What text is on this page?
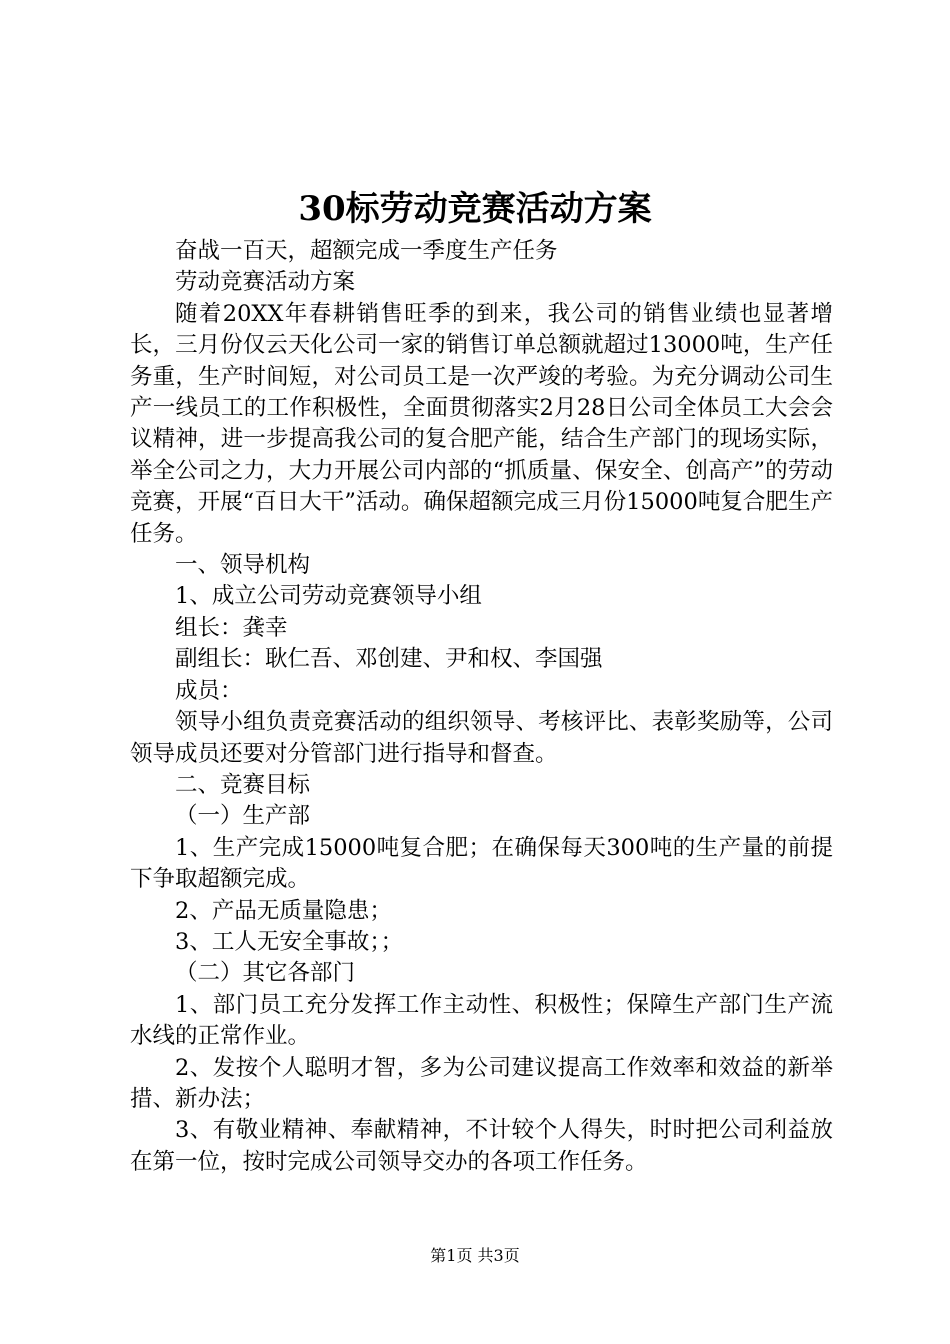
30标劳动竞赛活动方案

奋战一百天，超额完成一季度生产任务

劳动竞赛活动方案

随着20XX年春耕销售旺季的到来，我公司的销售业绩也显著增长，三月份仅云天化公司一家的销售订单总额就超过13000吨，生产任务重，生产时间短，对公司员工是一次严竣的考验。为充分调动公司生产一线员工的工作积极性，全面贯彻落实2月28日公司全体员工大会会议精神，进一步提高我公司的复合肥产能，结合生产部门的现场实际，举全公司之力，大力开展公司内部的“抓质量、保安全、创高产”的劳动竞赛，开展“百日大干”活动。确保超额完成三月份15000吨复合肥生产任务。

一、领导机构

1、成立公司劳动竞赛领导小组

组长：龚幸

副组长：耿仁吾、邓创建、尹和权、李国强

成员：

领导小组负责竞赛活动的组织领导、考核评比、表彰奖励等，公司领导成员还要对分管部门进行指导和督查。

二、竞赛目标

（一）生产部

1、生产完成15000吨复合肥；在确保每天300吨的生产量的前提下争取超额完成。

2、产品无质量隐患；

3、工人无安全事故；；

（二）其它各部门

1、部门员工充分发挥工作主动性、积极性；保障生产部门生产流水线的正常作业。

2、发按个人聪明才智，多为公司建议提高工作效率和效益的新举措、新办法；

3、有敬业精神、奉献精神，不计较个人得失，时时把公司利益放在第一位，按时完成公司领导交办的各项工作任务。

第1页 共3页
